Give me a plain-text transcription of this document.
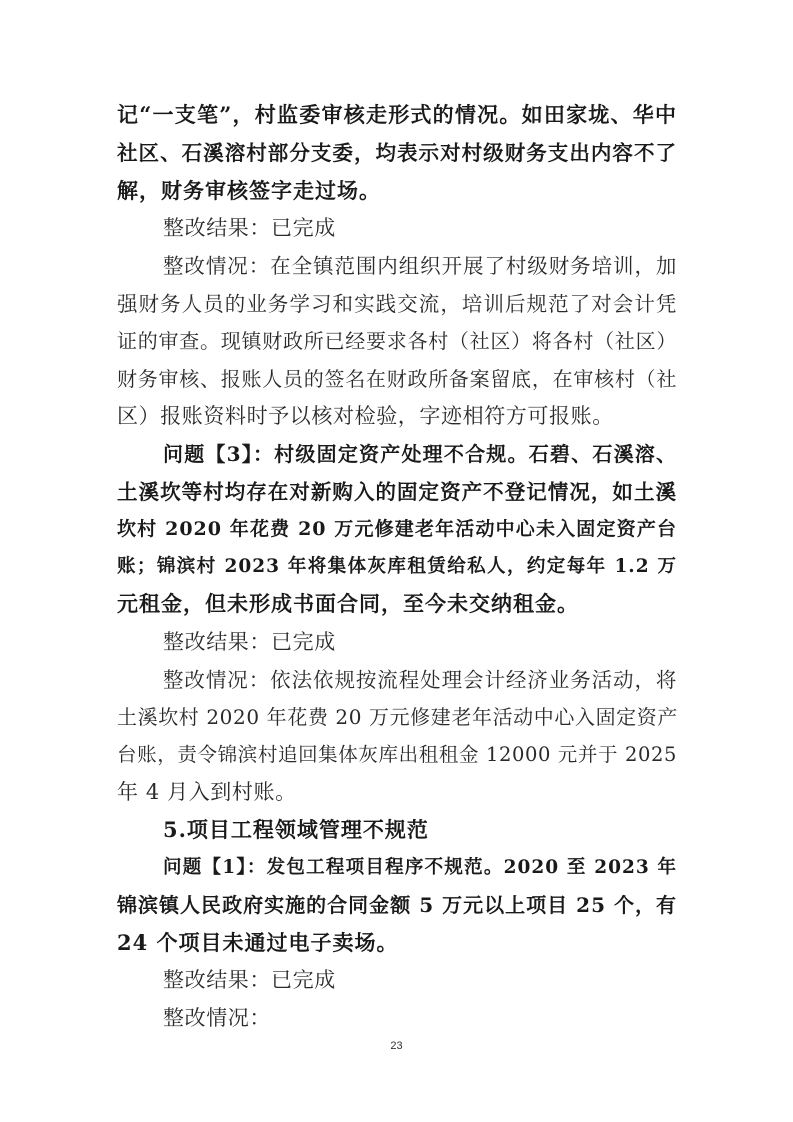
记“一支笔”，村监委审核走形式的情况。如田家垅、华中
社区、石溪溶村部分支委，均表示对村级财务支出内容不了
解，财务审核签字走过场。
整改结果：已完成
整改情况：在全镇范围内组织开展了村级财务培训，加
强财务人员的业务学习和实践交流，培训后规范了对会计凭
证的审查。现镇财政所已经要求各村（社区）将各村（社区）
财务审核、报账人员的签名在财政所备案留底，在审核村（社
区）报账资料时予以核对检验，字迹相符方可报账。
问题【3】：村级固定资产处理不合规。石碧、石溪溶、
土溪坎等村均存在对新购入的固定资产不登记情况，如土溪
坎村 2020 年花费 20 万元修建老年活动中心未入固定资产台
账；锦滨村 2023 年将集体灰库租赁给私人，约定每年 1.2 万
元租金，但未形成书面合同，至今未交纳租金。
整改结果：已完成
整改情况：依法依规按流程处理会计经济业务活动，将
土溪坎村 2020 年花费 20 万元修建老年活动中心入固定资产
台账，责令锦滨村追回集体灰库出租租金 12000 元并于 2025
年 4 月入到村账。
5.项目工程领域管理不规范
问题【1】：发包工程项目程序不规范。2020 至 2023 年
锦滨镇人民政府实施的合同金额 5 万元以上项目 25 个，有
24 个项目未通过电子卖场。
整改结果：已完成
整改情况：
23
